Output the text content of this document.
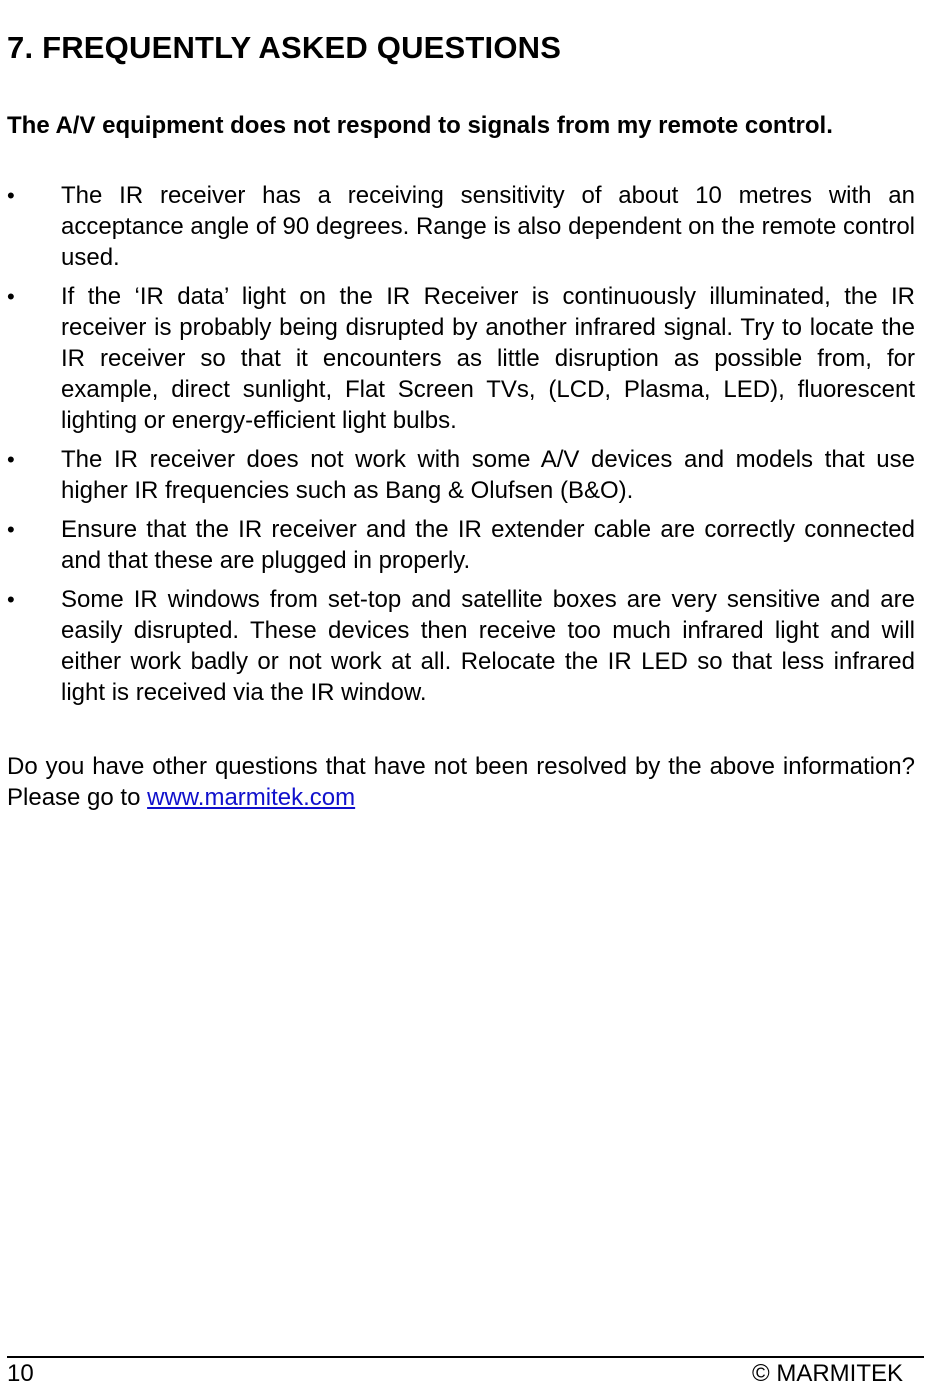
7. FREQUENTLY ASKED QUESTIONS

The A/V equipment does not respond to signals from my remote control.

• The IR receiver has a receiving sensitivity of about 10 metres with an acceptance angle of 90 degrees. Range is also dependent on the remote control used.
• If the ‘IR data’ light on the IR Receiver is continuously illuminated, the IR receiver is probably being disrupted by another infrared signal. Try to locate the IR receiver so that it encounters as little disruption as possible from, for example, direct sunlight, Flat Screen TVs, (LCD, Plasma, LED), fluorescent lighting or energy-efficient light bulbs.
• The IR receiver does not work with some A/V devices and models that use higher IR frequencies such as Bang & Olufsen (B&O).
• Ensure that the IR receiver and the IR extender cable are correctly connected and that these are plugged in properly.
• Some IR windows from set-top and satellite boxes are very sensitive and are easily disrupted. These devices then receive too much infrared light and will either work badly or not work at all. Relocate the IR LED so that less infrared light is received via the IR window.

Do you have other questions that have not been resolved by the above information? Please go to www.marmitek.com

10	© MARMITEK
